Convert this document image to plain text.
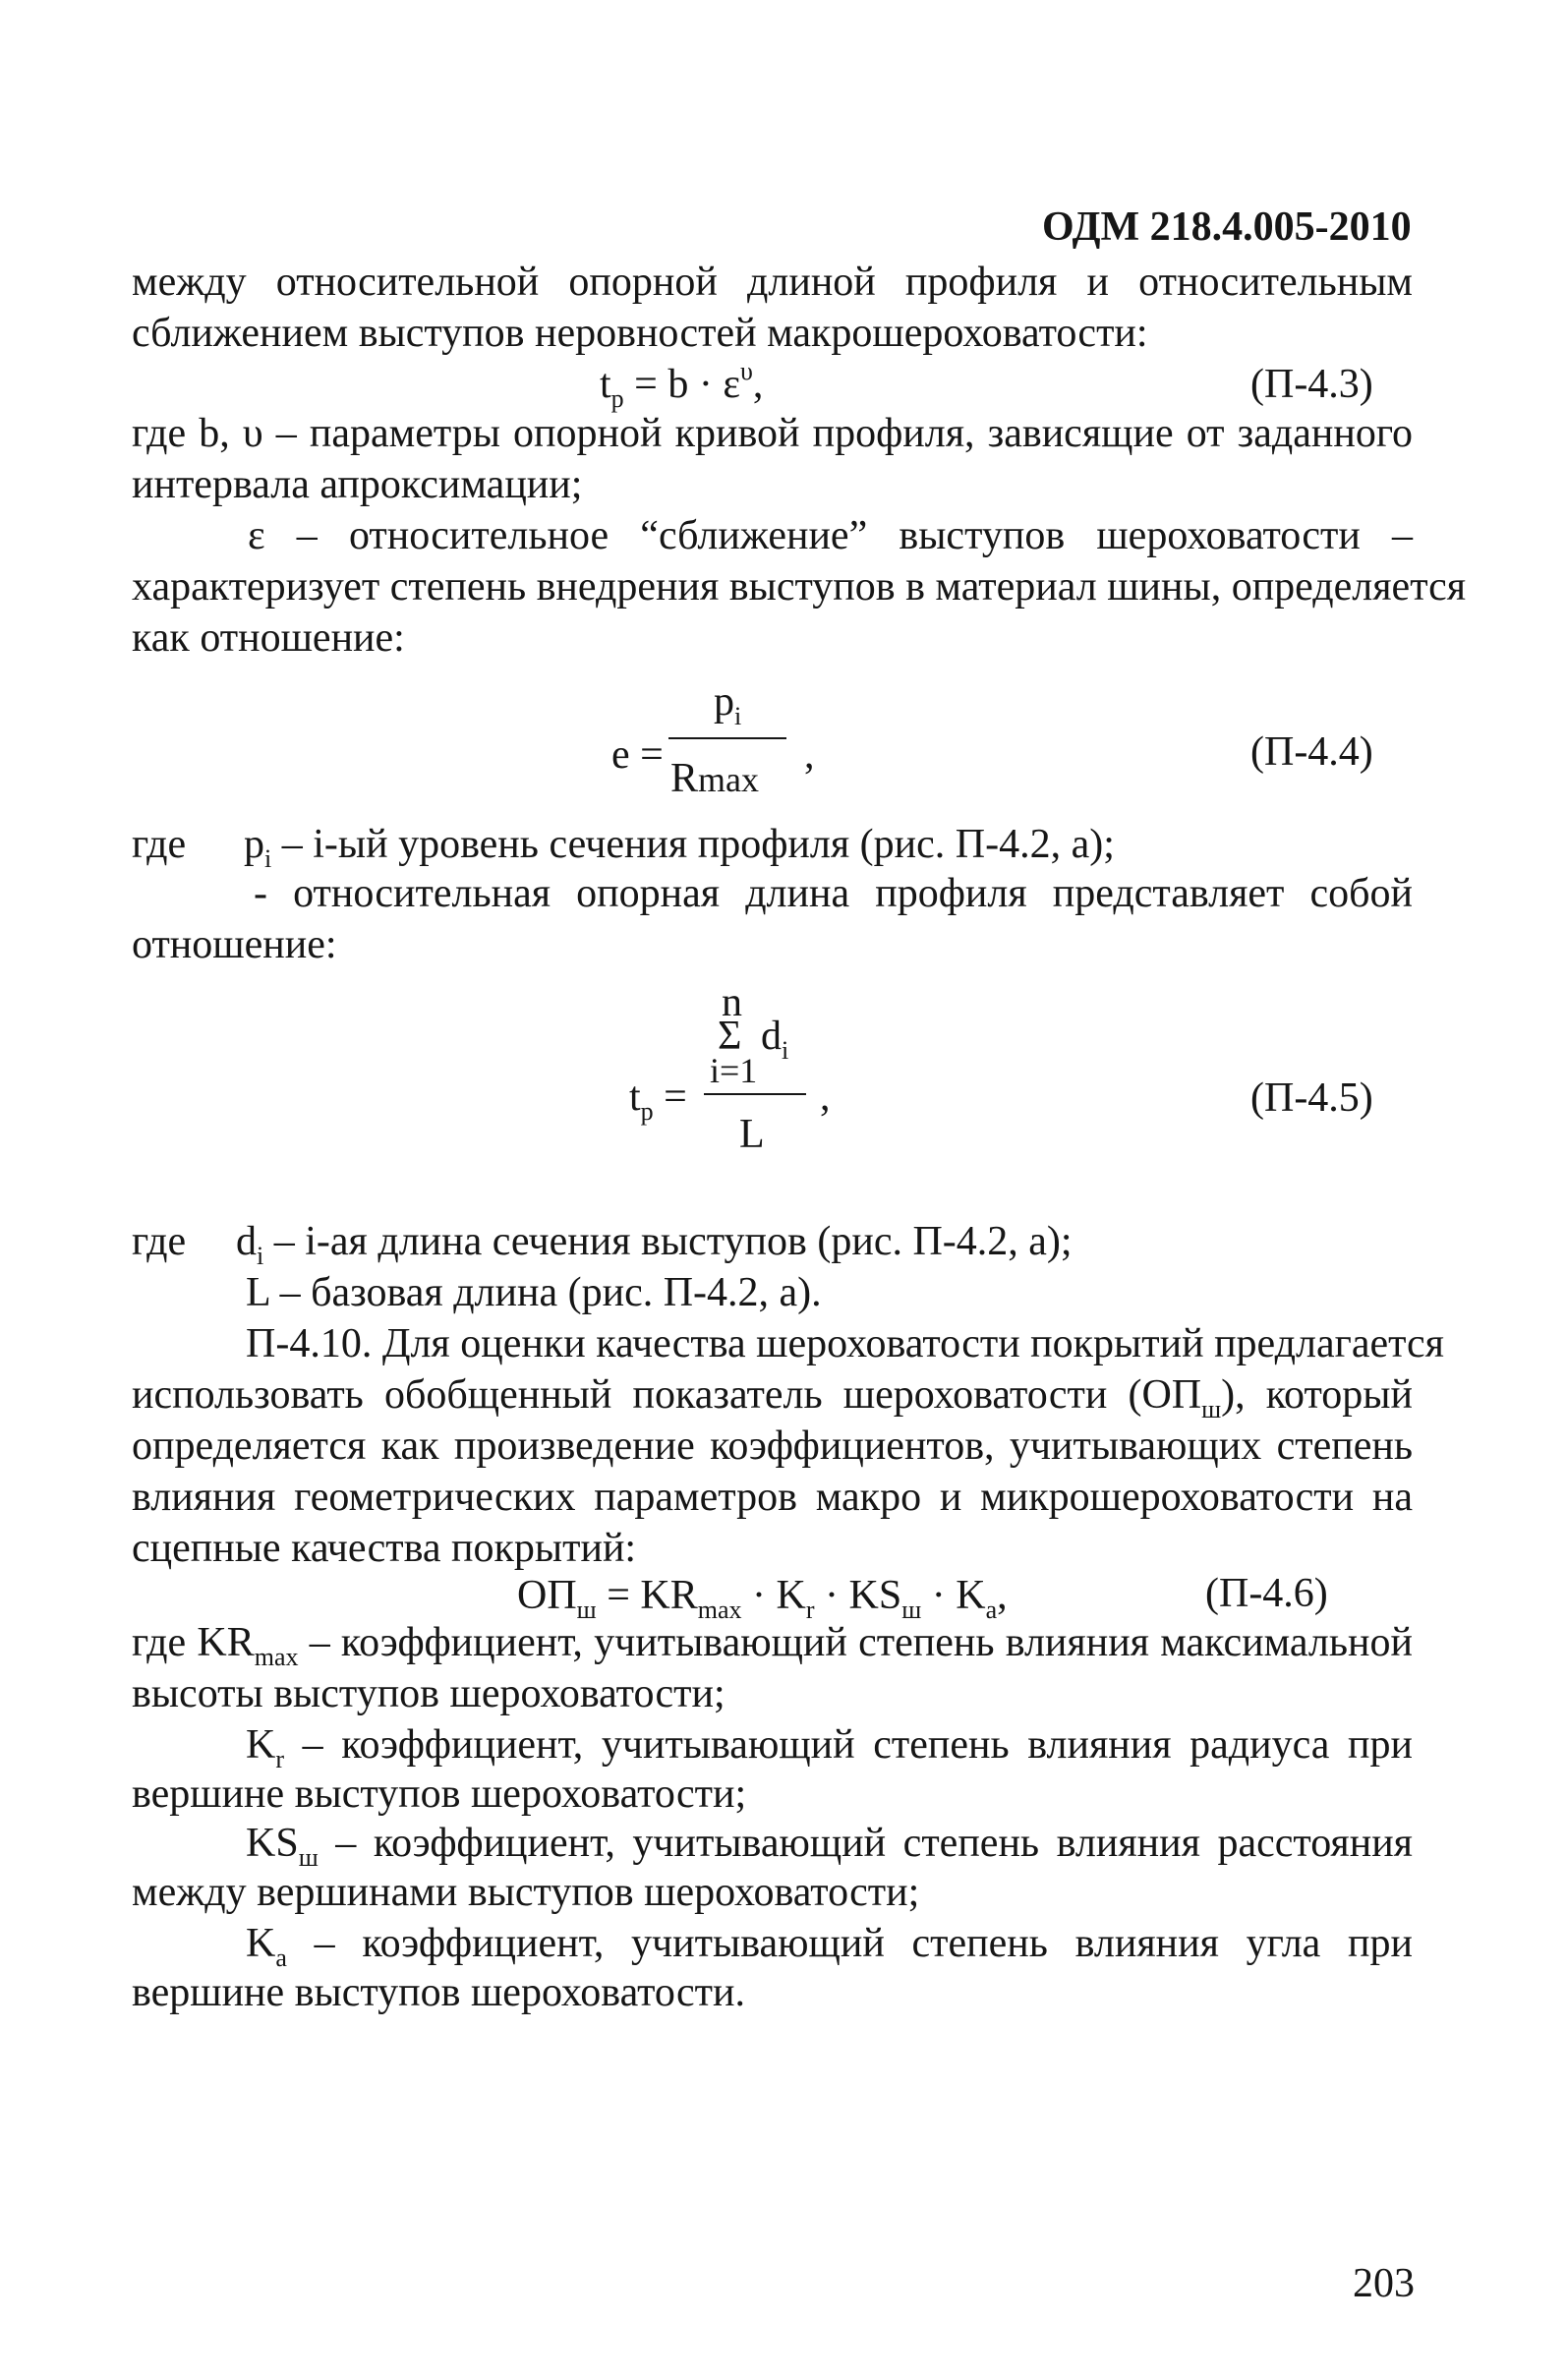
ОДМ 218.4.005-2010
между относительной опорной длиной профиля и относительным
сближением выступов неровностей макрошероховатости:
$t_р = b \cdot \varepsilon^\upsilon$,	(П-4.3)
где b, υ – параметры опорной кривой профиля, зависящие от заданного
интервала апроксимации;
ε – относительное “сближение” выступов шероховатости –
характеризует степень внедрения выступов в материал шины, определяется
как отношение:
e =
$p_i$
Rmax
,	(П-4.4)
где $p_i - i-ый$ уровень сечения профиля (рис. П-4.2, а);
- относительная опорная длина профиля представляет собой
отношение:
n
Σ $d_i$
i=1
$t_р$ =
L
,	(П-4.5)
где $d_i - i-ая$ длина сечения выступов (рис. П-4.2, а);
L – базовая длина (рис. П-4.2, а).
П-4.10. Для оценки качества шероховатости покрытий предлагается
использовать обобщенный показатель шероховатости $(ОП_ш)$, который
определяется как произведение коэффициентов, учитывающих степень
влияния геометрических параметров макро и микрошероховатости на
сцепные качества покрытий:
$ОП_ш = KR_{max} \cdot K_r \cdot KS_ш \cdot K_a$,	(П-4.6)
где $KR_{max}$ – коэффициент, учитывающий степень влияния максимальной
высоты выступов шероховатости;
$K_r$ – коэффициент, учитывающий степень влияния радиуса при
вершине выступов шероховатости;
$KS_ш$ – коэффициент, учитывающий степень влияния расстояния
между вершинами выступов шероховатости;
$K_a$ – коэффициент, учитывающий степень влияния угла при
вершине выступов шероховатости.
203
